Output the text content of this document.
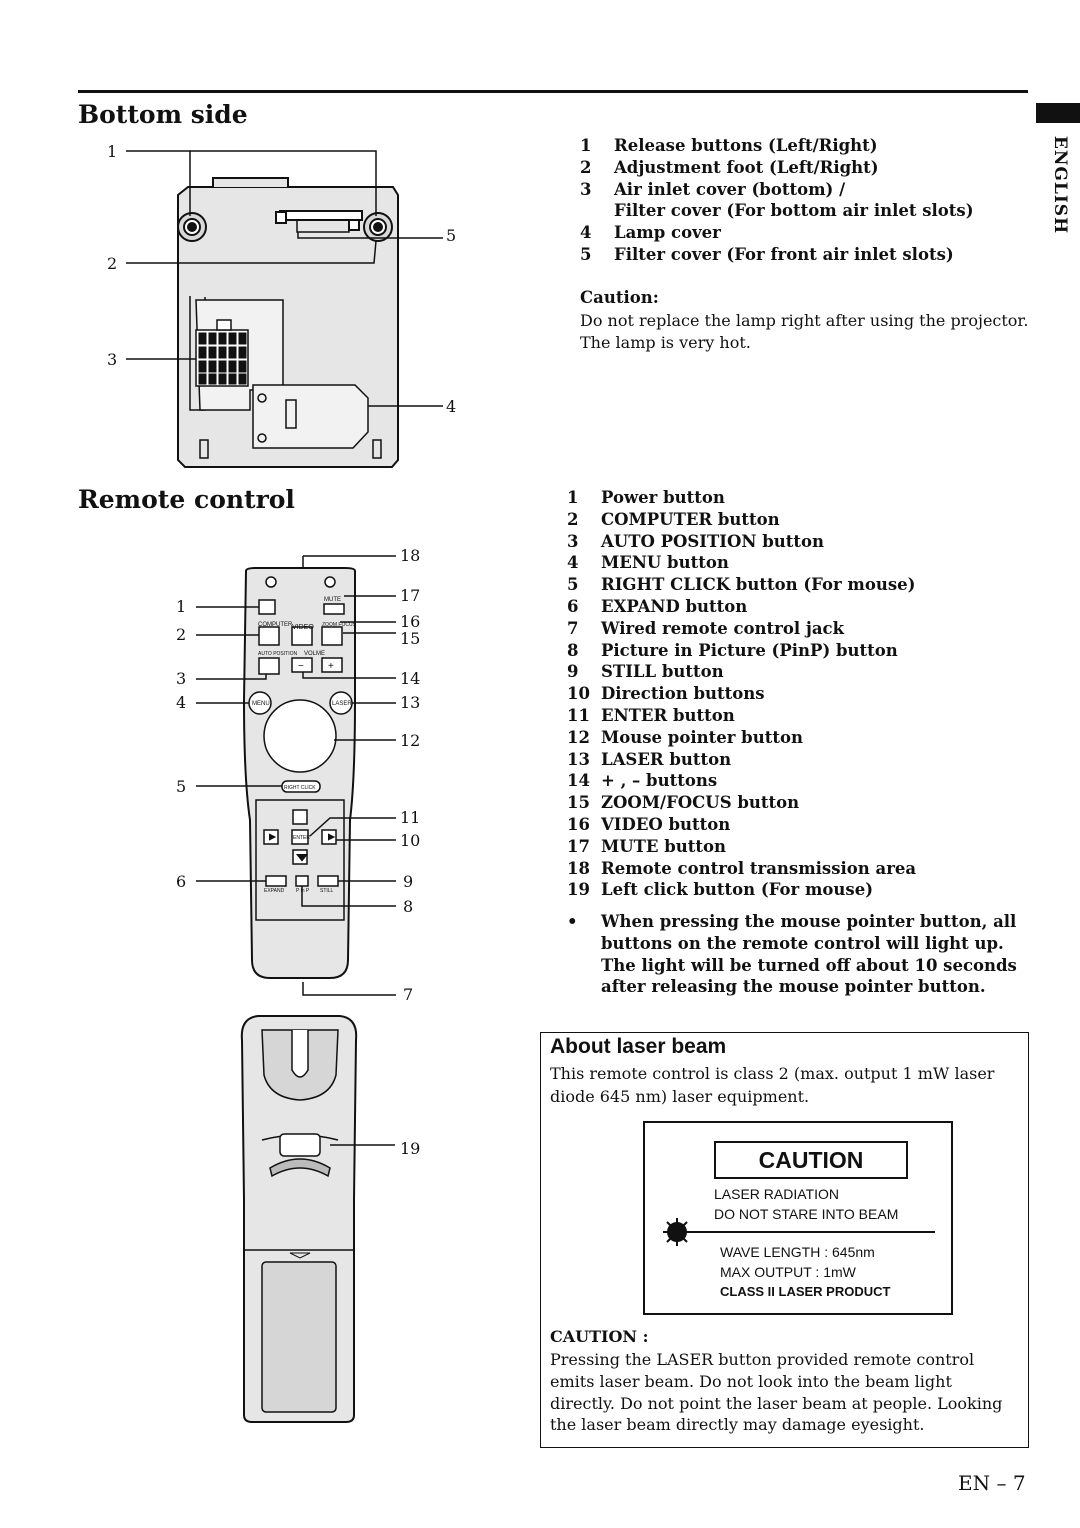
Bottom side
Remote control
ENGLISH
1
2
3
4
5
MUTE
COMPUTER VIDEO ZOOM FOCUS
AUTO POSITION VOLME
− +
MENU	LASER
RIGHT CLICK
ENTER
EXPAND P in P STILL
1
2
3
4
5
6
7
8
9
10
11
12
13
14
15
16
17
18
19
1	Release buttons (Left/Right)
2	Adjustment foot (Left/Right)
3	Air inlet cover (bottom) /
Filter cover (For bottom air inlet slots)
4	Lamp cover
5	Filter cover (For front air inlet slots)
Caution:
Do not replace the lamp right after using the projector. The lamp is very hot.
1	Power button
2	COMPUTER button
3	AUTO POSITION button
4	MENU button
5	RIGHT CLICK button (For mouse)
6	EXPAND button
7	Wired remote control jack
8	Picture in Picture (PinP) button
9	STILL button
10 Direction buttons
11 ENTER button
12 Mouse pointer button
13 LASER button
14 + , – buttons
15 ZOOM/FOCUS button
16 VIDEO button
17 MUTE button
18 Remote control transmission area
19 Left click button (For mouse)
• When pressing the mouse pointer button, all buttons on the remote control will light up. The light will be turned off about 10 seconds after releasing the mouse pointer button.
About laser beam
This remote control is class 2 (max. output 1 mW laser diode 645 nm) laser equipment.
CAUTION
LASER RADIATION
DO NOT STARE INTO BEAM
WAVE LENGTH : 645nm
MAX OUTPUT : 1mW
CLASS II LASER PRODUCT
CAUTION :
Pressing the LASER button provided remote control emits laser beam. Do not look into the beam light directly. Do not point the laser beam at people. Looking the laser beam directly may damage eyesight.
EN – 7
